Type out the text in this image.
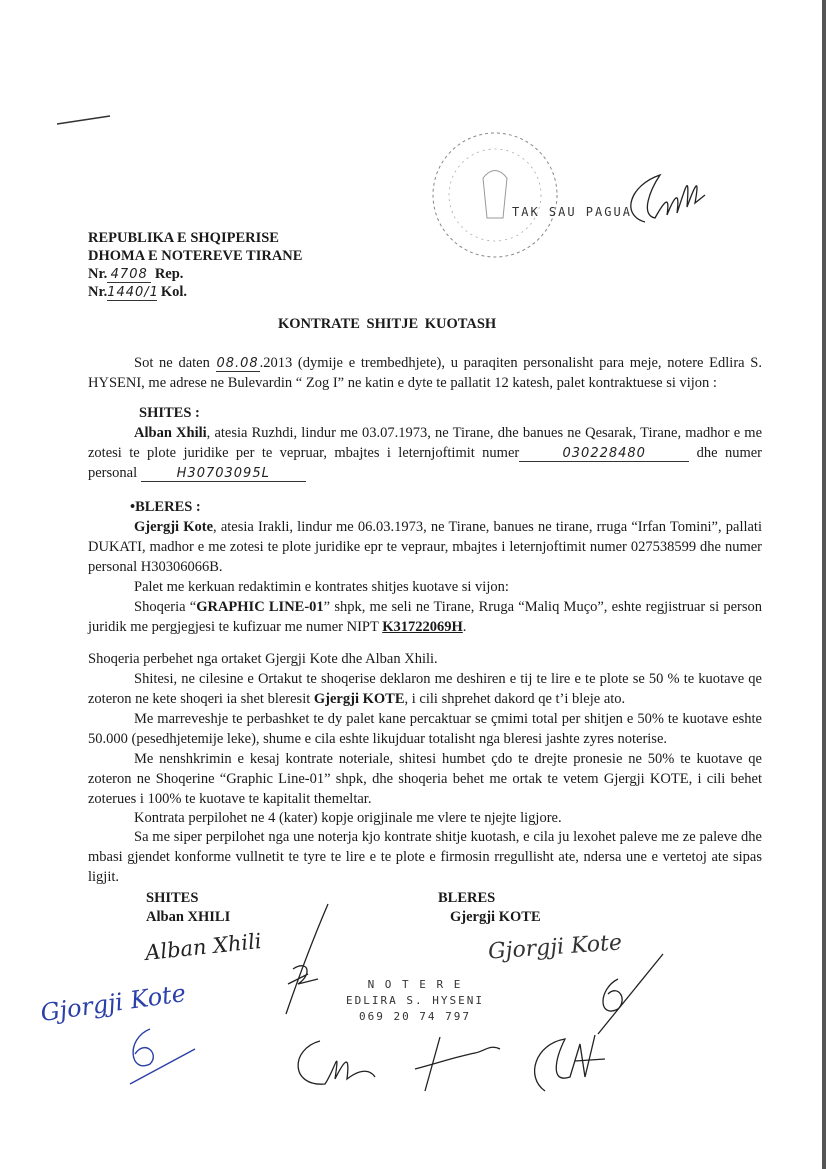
TAK SAU PAGUA
REPUBLIKA E SHQIPERISE
DHOMA E NOTEREVE TIRANE
Nr. 4708 Rep.
Nr.1440/1 Kol.
KONTRATE SHITJE KUOTASH
Sot ne daten 08.08.2013 (dymije e trembedhjete), u paraqiten personalisht para meje, notere Edlira S. HYSENI, me adrese ne Bulevardin “ Zog I” ne katin e dyte te pallatit 12 katesh, palet kontraktuese si vijon :
SHITES :
Alban Xhili, atesia Ruzhdi, lindur me 03.07.1973, ne Tirane, dhe banues ne Qesarak, Tirane, madhor e me zotesi te plote juridike per te vepruar, mbajtes i leternjoftimit numer	030228480	dhe numer personal	H30703095L
•BLERES :
Gjergji Kote, atesia Irakli, lindur me 06.03.1973, ne Tirane, banues ne tirane, rruga “Irfan Tomini”, pallati DUKATI, madhor e me zotesi te plote juridike epr te vepraur, mbajtes i leternjoftimit numer 027538599 dhe numer personal H30306066B.
Palet me kerkuan redaktimin e kontrates shitjes kuotave si vijon:
Shoqeria “GRAPHIC LINE-01” shpk, me seli ne Tirane, Rruga “Maliq Muço”, eshte regjistruar si person juridik me pergjegjesi te kufizuar me numer NIPT K31722069H.
Shoqeria perbehet nga ortaket Gjergji Kote dhe Alban Xhili.
Shitesi, ne cilesine e Ortakut te shoqerise deklaron me deshiren e tij te lire e te plote se 50 % te kuotave qe zoteron ne kete shoqeri ia shet bleresit Gjergji KOTE, i cili shprehet dakord qe t’i bleje ato.
Me marreveshje te perbashket te dy palet kane percaktuar se çmimi total per shitjen e 50% te kuotave eshte 50.000 (pesedhjetemije leke), shume e cila eshte likujduar totalisht nga bleresi jashte zyres noterise.
Me nenshkrimin e kesaj kontrate noteriale, shitesi humbet çdo te drejte pronesie ne 50% te kuotave qe zoteron ne Shoqerine “Graphic Line-01” shpk, dhe shoqeria behet me ortak te vetem Gjergji KOTE, i cili behet zoterues i 100% te kuotave te kapitalit themeltar.
Kontrata perpilohet ne 4 (kater) kopje origjinale me vlere te njejte ligjore.
Sa me siper perpilohet nga une noterja kjo kontrate shitje kuotash, e cila ju lexohet paleve me ze paleve dhe mbasi gjendet konforme vullnetit te tyre te lire e te plote e firmosin rregullisht ate, ndersa une e vertetoj ate sipas ligjit.
SHITES
Alban XHILI
BLERES
Gjergji KOTE
Alban Xhili	Gjorgji Kote
Gjorgji Kote	N O T E R E
EDLIRA S. HYSENI
069 20 74 797
